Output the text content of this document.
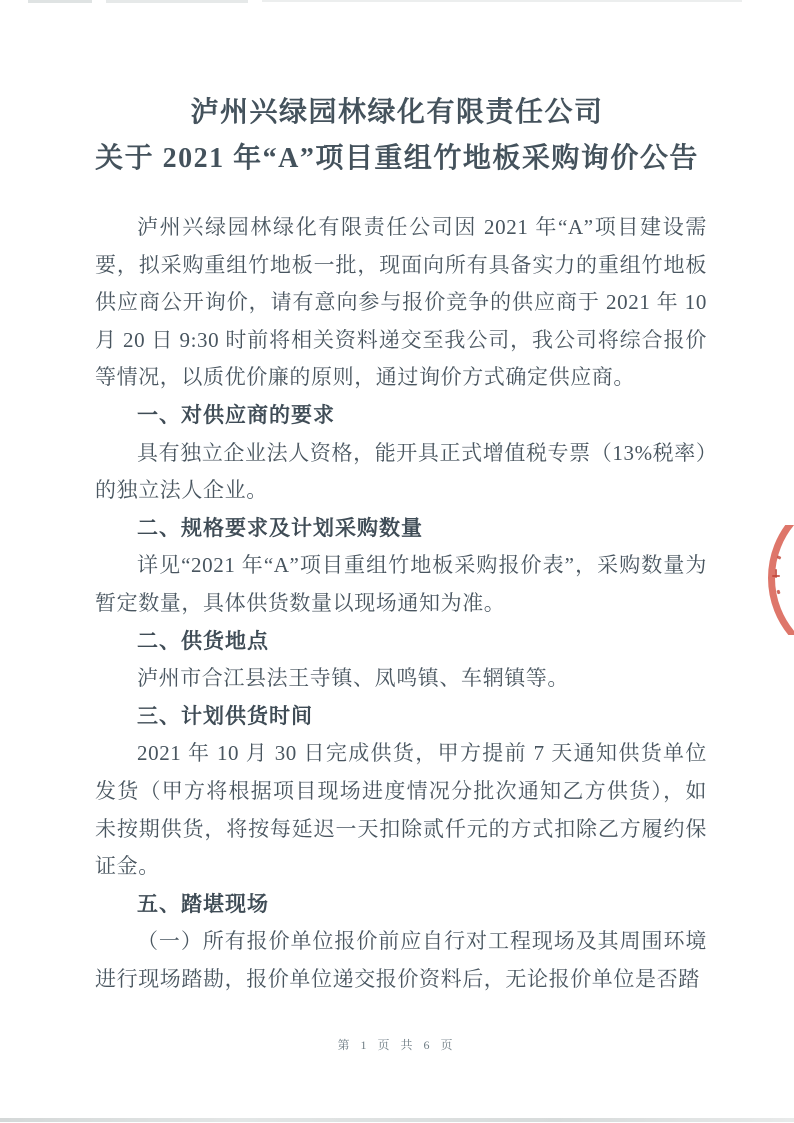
泸州兴绿园林绿化有限责任公司
关于 2021 年“A”项目重组竹地板采购询价公告

泸州兴绿园林绿化有限责任公司因 2021 年“A”项目建设需要，拟采购重组竹地板一批，现面向所有具备实力的重组竹地板供应商公开询价，请有意向参与报价竞争的供应商于 2021 年 10 月 20 日 9:30 时前将相关资料递交至我公司，我公司将综合报价等情况，以质优价廉的原则，通过询价方式确定供应商。

一、对供应商的要求

具有独立企业法人资格，能开具正式增值税专票（13%税率）的独立法人企业。

二、规格要求及计划采购数量

详见“2021 年“A”项目重组竹地板采购报价表”，采购数量为暂定数量，具体供货数量以现场通知为准。

二、供货地点

泸州市合江县法王寺镇、凤鸣镇、车辋镇等。

三、计划供货时间

2021 年 10 月 30 日完成供货，甲方提前 7 天通知供货单位发货（甲方将根据项目现场进度情况分批次通知乙方供货），如未按期供货，将按每延迟一天扣除贰仟元的方式扣除乙方履约保证金。

五、踏堪现场

（一）所有报价单位报价前应自行对工程现场及其周围环境进行现场踏勘，报价单位递交报价资料后，无论报价单位是否踏

第 1 页 共 6 页
